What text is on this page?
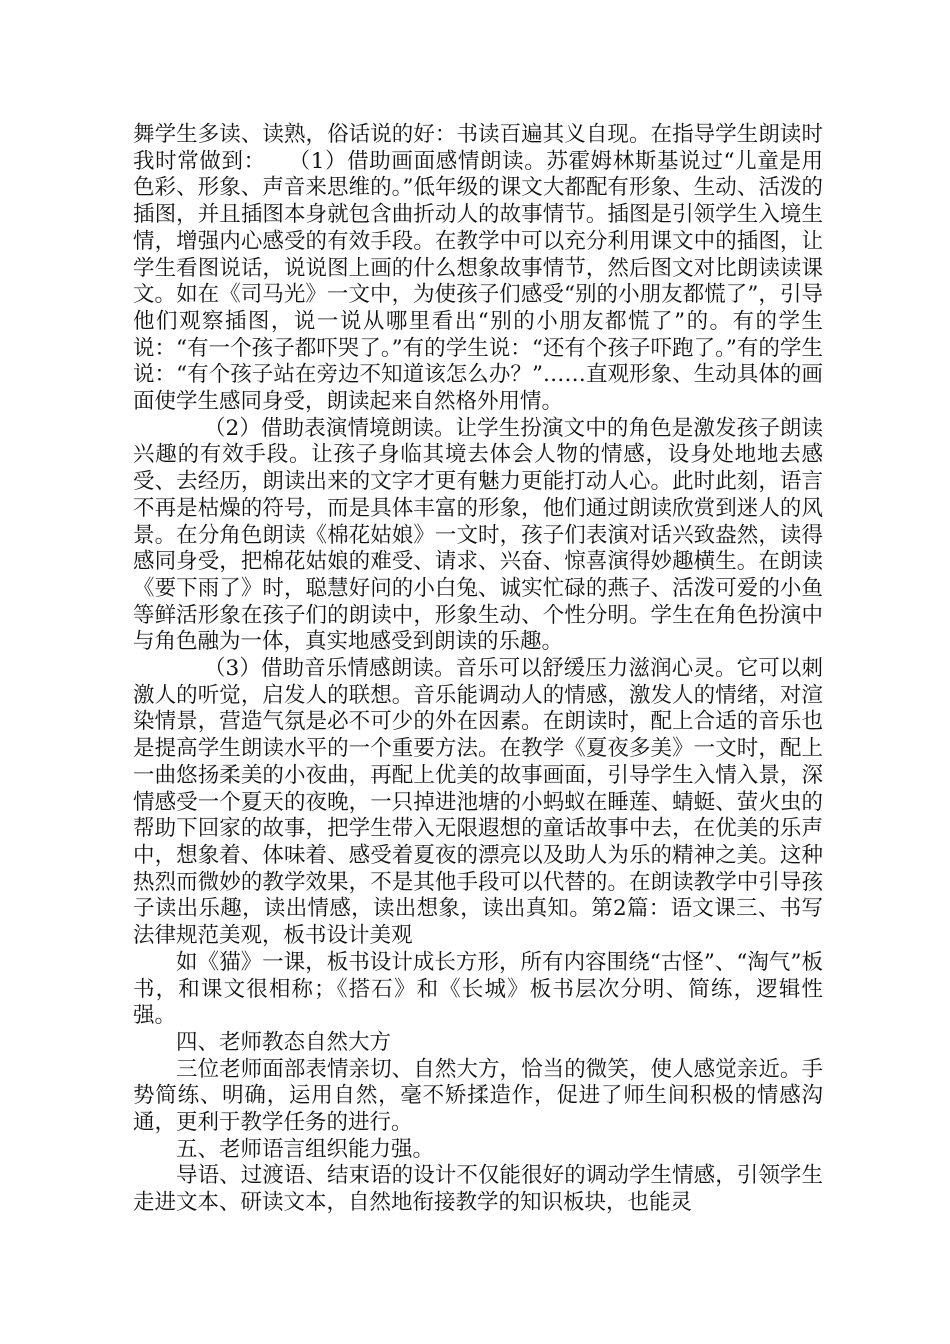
舞学生多读、读熟，俗话说的好：书读百遍其义自现。在指导学生朗读时我时常做到：　　（1）借助画面感情朗读。苏霍姆林斯基说过“儿童是用色彩、形象、声音来思维的。”低年级的课文大都配有形象、生动、活泼的插图，并且插图本身就包含曲折动人的故事情节。插图是引领学生入境生情，增强内心感受的有效手段。在教学中可以充分利用课文中的插图，让学生看图说话，说说图上画的什么想象故事情节，然后图文对比朗读读课文。如在《司马光》一文中，为使孩子们感受“别的小朋友都慌了”，引导他们观察插图，说一说从哪里看出“别的小朋友都慌了”的。有的学生说：“有一个孩子都吓哭了。”有的学生说：“还有个孩子吓跑了。”有的学生说：“有个孩子站在旁边不知道该怎么办？”……直观形象、生动具体的画面使学生感同身受，朗读起来自然格外用情。

（2）借助表演情境朗读。让学生扮演文中的角色是激发孩子朗读兴趣的有效手段。让孩子身临其境去体会人物的情感，设身处地地去感受、去经历，朗读出来的文字才更有魅力更能打动人心。此时此刻，语言不再是枯燥的符号，而是具体丰富的形象，他们通过朗读欣赏到迷人的风景。在分角色朗读《棉花姑娘》一文时，孩子们表演对话兴致盎然，读得感同身受，把棉花姑娘的难受、请求、兴奋、惊喜演得妙趣横生。在朗读《要下雨了》时，聪慧好问的小白兔、诚实忙碌的燕子、活泼可爱的小鱼等鲜活形象在孩子们的朗读中，形象生动、个性分明。学生在角色扮演中与角色融为一体，真实地感受到朗读的乐趣。

（3）借助音乐情感朗读。音乐可以舒缓压力滋润心灵。它可以刺激人的听觉，启发人的联想。音乐能调动人的情感，激发人的情绪，对渲染情景，营造气氛是必不可少的外在因素。在朗读时，配上合适的音乐也是提高学生朗读水平的一个重要方法。在教学《夏夜多美》一文时，配上一曲悠扬柔美的小夜曲，再配上优美的故事画面，引导学生入情入景，深情感受一个夏天的夜晚，一只掉进池塘的小蚂蚁在睡莲、蜻蜓、萤火虫的帮助下回家的故事，把学生带入无限遐想的童话故事中去，在优美的乐声中，想象着、体味着、感受着夏夜的漂亮以及助人为乐的精神之美。这种热烈而微妙的教学效果，不是其他手段可以代替的。在朗读教学中引导孩子读出乐趣，读出情感，读出想象，读出真知。第2篇：语文课三、书写法律规范美观，板书设计美观

如《猫》一课，板书设计成长方形，所有内容围绕“古怪”、“淘气”板书，和课文很相称；《搭石》和《长城》板书层次分明、简练，逻辑性强。

四、老师教态自然大方

三位老师面部表情亲切、自然大方，恰当的微笑，使人感觉亲近。手势简练、明确，运用自然，毫不矫揉造作，促进了师生间积极的情感沟通，更利于教学任务的进行。

五、老师语言组织能力强。

导语、过渡语、结束语的设计不仅能很好的调动学生情感，引领学生走进文本、研读文本，自然地衔接教学的知识板块，也能灵
